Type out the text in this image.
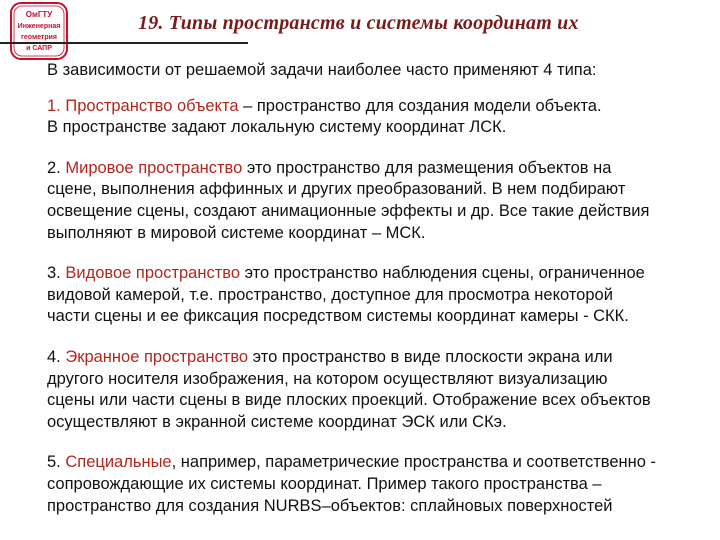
ОмГТУ
Инженерная
геометрия
и САПР
19. Типы пространств и системы координат их

В зависимости от решаемой задачи наиболее часто применяют 4 типа:

1. Пространство объекта – пространство для создания модели объекта.

В пространстве задают локальную систему координат ЛСК.

2. Мировое пространство это пространство для размещения объектов на

сцене, выполнения аффинных и других преобразований. В нем подбирают

освещение сцены, создают анимационные эффекты и др. Все такие действия

выполняют в мировой системе координат – МСК.

3. Видовое пространство это пространство наблюдения сцены, ограниченное

видовой камерой, т.е. пространство, доступное для просмотра некоторой

части сцены и ее фиксация посредством системы координат камеры - СКК.

4. Экранное пространство это пространство в виде плоскости экрана или

другого носителя изображения, на котором осуществляют визуализацию

сцены или части сцены в виде плоских проекций. Отображение всех объектов

осуществляют в экранной системе координат ЭСК или СКэ.

5. Специальные, например, параметрические пространства и соответственно -

сопровождающие их системы координат. Пример такого пространства –

пространство для создания NURBS–объектов: сплайновых поверхностей
